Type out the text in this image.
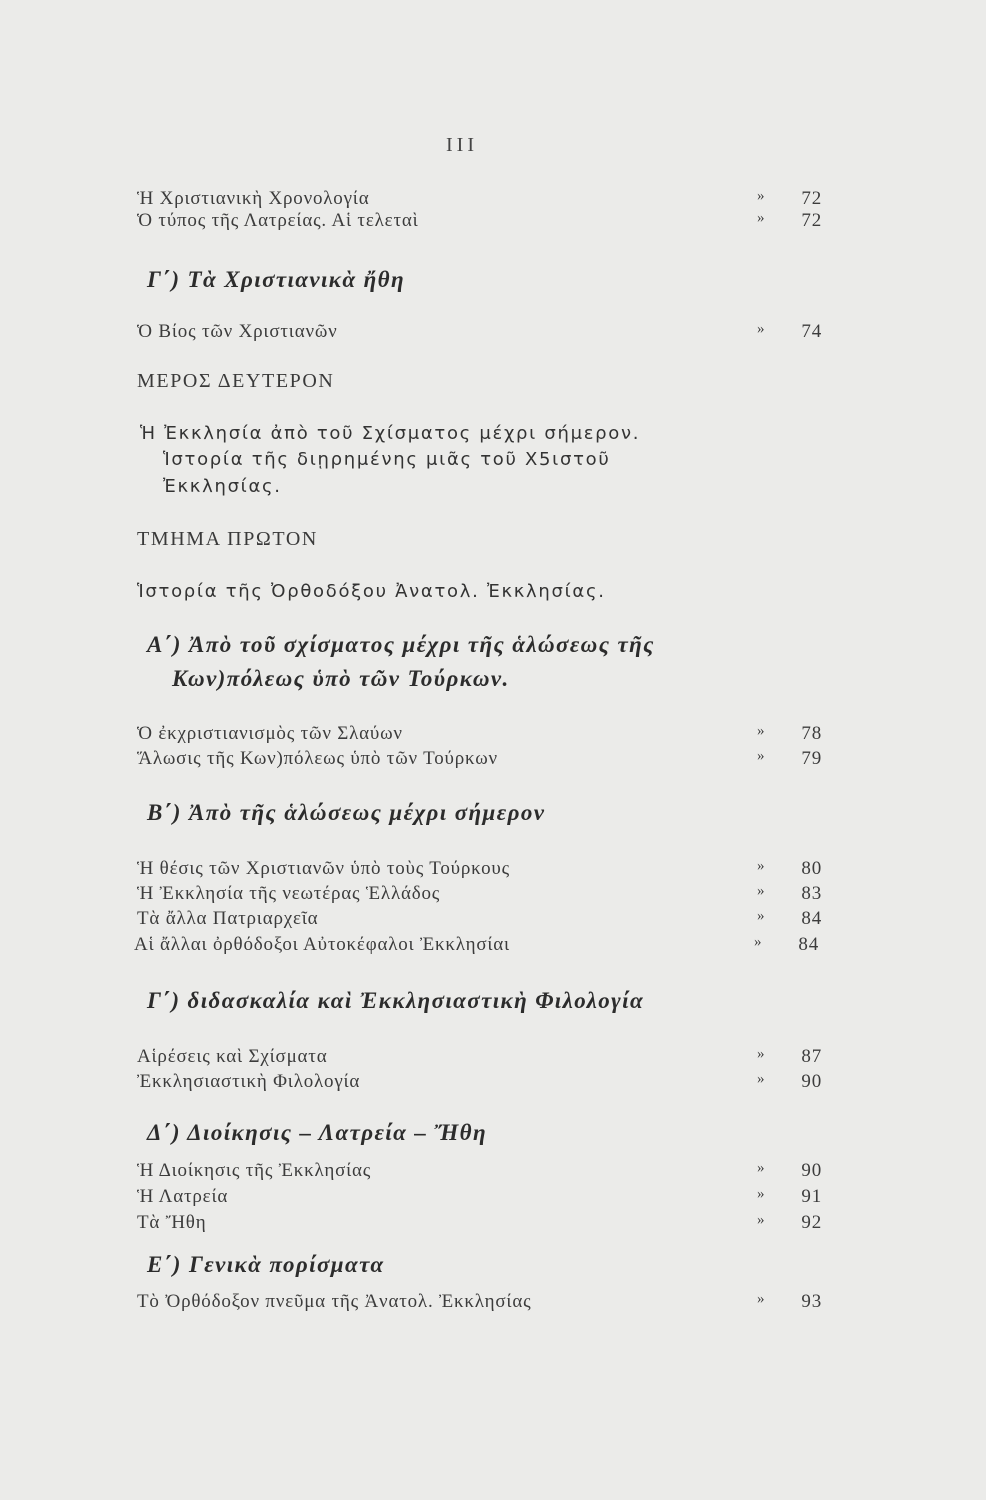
III
Ἡ Χριστιανικὴ Χρονολογία	» 72
Ὁ τύπος τῆς Λατρείας. Αἱ τελεταὶ	» 72
Γ΄) Τὰ Χριστιανικὰ ἤθη
Ὁ Βίος τῶν Χριστιανῶν	» 74
ΜΕΡΟΣ ΔΕΥΤΕΡΟΝ
Ἡ Ἐκκλησία ἀπὸ τοῦ Σχίσματος μέχρι σήμερον.
Ἱστορία τῆς διῃρημένης μιᾶς τοῦ Χ5ιστοῦ
Ἐκκλησίας.
ΤΜΗΜΑ ΠΡΩΤΟΝ
Ἱστορία τῆς Ὀρθοδόξου Ἀνατολ. Ἐκκλησίας.
Α΄) Ἀπὸ τοῦ σχίσματος μέχρι τῆς ἁλώσεως τῆς
Κων)πόλεως ὑπὸ τῶν Τούρκων.
Ὁ ἐκχριστιανισμὸς τῶν Σλαύων	» 78
Ἅλωσις τῆς Κων)πόλεως ὑπὸ τῶν Τούρκων	» 79
Β΄) Ἀπὸ τῆς ἁλώσεως μέχρι σήμερον
Ἡ θέσις τῶν Χριστιανῶν ὑπὸ τοὺς Τούρκους	» 80
Ἡ Ἐκκλησία τῆς νεωτέρας Ἑλλάδος	» 83
Τὰ ἄλλα Πατριαρχεῖα	» 84
Αἱ ἄλλαι ὀρθόδοξοι Αὐτοκέφαλοι Ἐκκλησίαι	» 84
Γ΄) διδασκαλία καὶ Ἐκκλησιαστικὴ Φιλολογία
Αἱρέσεις καὶ Σχίσματα	» 87
Ἐκκλησιαστικὴ Φιλολογία	» 90
Δ΄) Διοίκησις – Λατρεία – Ἤθη
Ἡ Διοίκησις τῆς Ἐκκλησίας	» 90
Ἡ Λατρεία	» 91
Τὰ Ἤθη	» 92
Ε΄) Γενικὰ πορίσματα
Τὸ Ὀρθόδοξον πνεῦμα τῆς Ἀνατολ. Ἐκκλησίας	» 93
